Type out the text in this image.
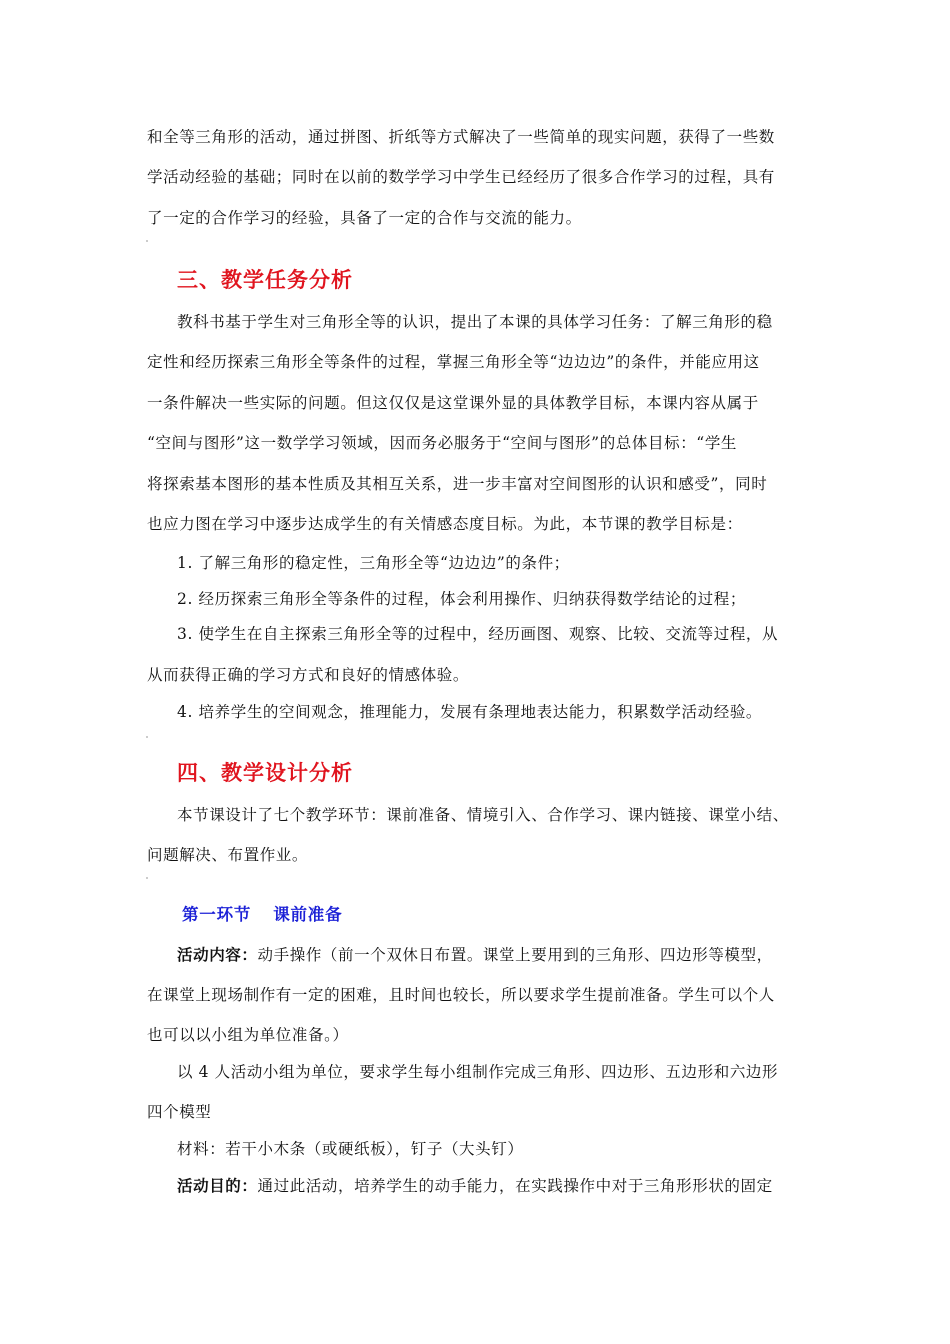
和全等三角形的活动，通过拼图、折纸等方式解决了一些简单的现实问题，获得了一些数
学活动经验的基础；同时在以前的数学学习中学生已经经历了很多合作学习的过程，具有
了一定的合作学习的经验，具备了一定的合作与交流的能力。
三、教学任务分析
教科书基于学生对三角形全等的认识，提出了本课的具体学习任务：了解三角形的稳
定性和经历探索三角形全等条件的过程，掌握三角形全等“边边边”的条件，并能应用这
一条件解决一些实际的问题。但这仅仅是这堂课外显的具体教学目标，本课内容从属于
“空间与图形”这一数学学习领域，因而务必服务于“空间与图形”的总体目标：“学生
将探索基本图形的基本性质及其相互关系，进一步丰富对空间图形的认识和感受”，同时
也应力图在学习中逐步达成学生的有关情感态度目标。为此，本节课的教学目标是：
1. 了解三角形的稳定性，三角形全等“边边边”的条件；
2. 经历探索三角形全等条件的过程，体会利用操作、归纳获得数学结论的过程；
3. 使学生在自主探索三角形全等的过程中，经历画图、观察、比较、交流等过程，从
从而获得正确的学习方式和良好的情感体验。
4. 培养学生的空间观念，推理能力，发展有条理地表达能力，积累数学活动经验。
四、教学设计分析
本节课设计了七个教学环节：课前准备、情境引入、合作学习、课内链接、课堂小结、
问题解决、布置作业。
第一环节 课前准备
活动内容：动手操作（前一个双休日布置。课堂上要用到的三角形、四边形等模型，
在课堂上现场制作有一定的困难，且时间也较长，所以要求学生提前准备。学生可以个人
也可以以小组为单位准备。）
以 4 人活动小组为单位，要求学生每小组制作完成三角形、四边形、五边形和六边形
四个模型
材料：若干小木条（或硬纸板），钉子（大头钉）
活动目的：通过此活动，培养学生的动手能力，在实践操作中对于三角形形状的固定
